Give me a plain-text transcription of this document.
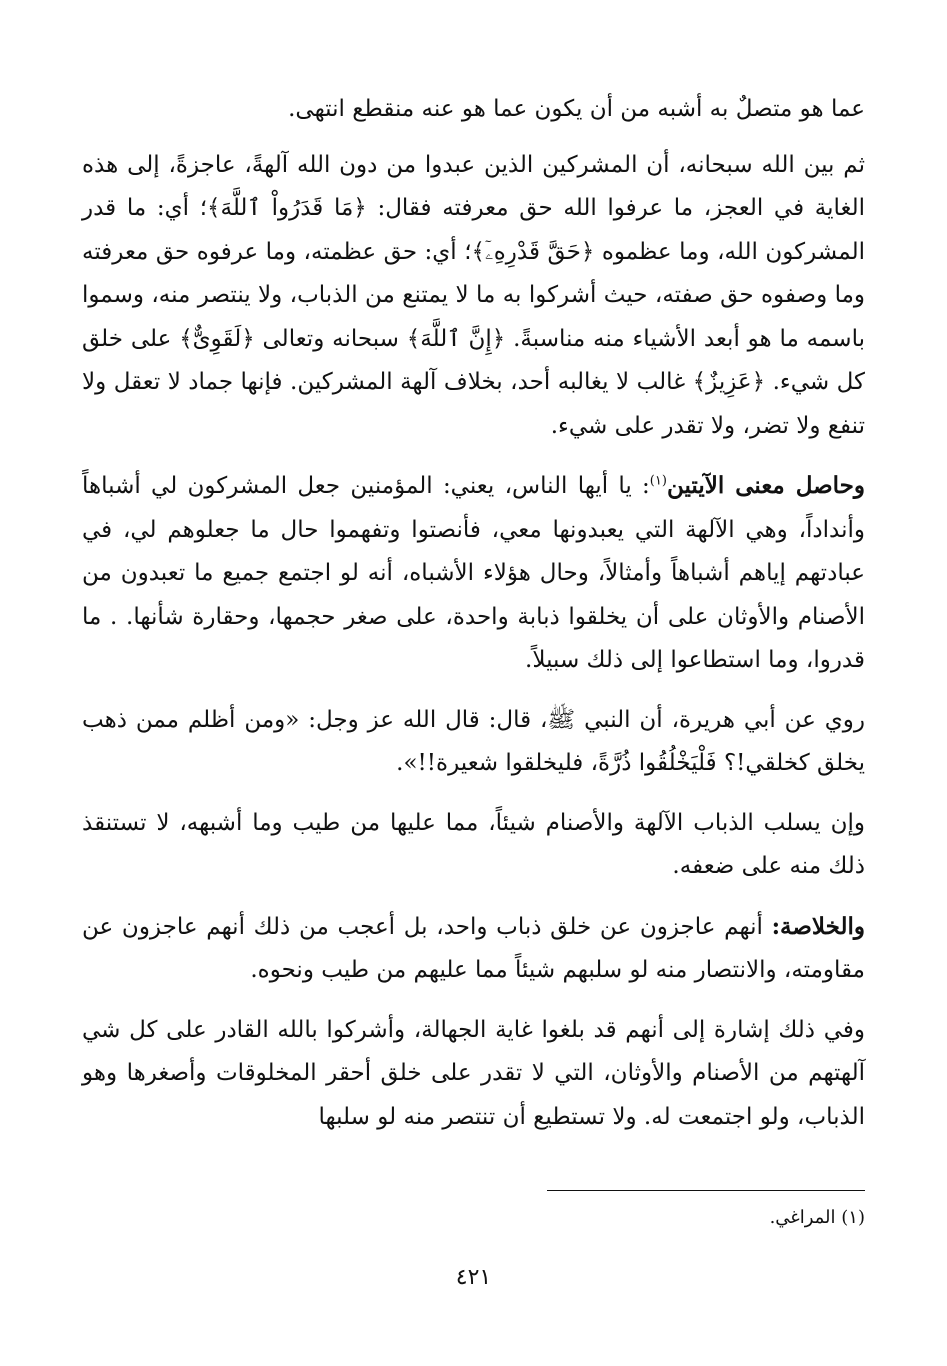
عما هو متصلٌ به أشبه من أن يكون عما هو عنه منقطع انتهى.

ثم بين الله سبحانه، أن المشركين الذين عبدوا من دون الله آلهةً، عاجزةً، إلى هذه الغاية في العجز، ما عرفوا الله حق معرفته فقال: ﴿مَا قَدَرُواْ ٱللَّهَ﴾؛ أي: ما قدر المشركون الله، وما عظموه ﴿حَقَّ قَدْرِهِۦٓ﴾؛ أي: حق عظمته، وما عرفوه حق معرفته وما وصفوه حق صفته، حيث أشركوا به ما لا يمتنع من الذباب، ولا ينتصر منه، وسموا باسمه ما هو أبعد الأشياء منه مناسبةً. ﴿إِنَّ ٱللَّهَ﴾ سبحانه وتعالى ﴿لَقَوِىٌّ﴾ على خلق كل شيء. ﴿عَزِيزٌ﴾ غالب لا يغالبه أحد، بخلاف آلهة المشركين. فإنها جماد لا تعقل ولا تنفع ولا تضر، ولا تقدر على شيء.

وحاصل معنى الآيتين$^{(١)}$: يا أيها الناس، يعني: المؤمنين جعل المشركون لي أشباهاً وأنداداً، وهي الآلهة التي يعبدونها معي، فأنصتوا وتفهموا حال ما جعلوهم لي، في عبادتهم إياهم أشباهاً وأمثالاً، وحال هؤلاء الأشباه، أنه لو اجتمع جميع ما تعبدون من الأصنام والأوثان على أن يخلقوا ذبابة واحدة، على صغر حجمها، وحقارة شأنها. . ما قدروا، وما استطاعوا إلى ذلك سبيلاً.

روي عن أبي هريرة، أن النبي ﷺ، قال: قال الله عز وجل: «ومن أظلم ممن ذهب يخلق كخلقي!؟ فَلْيَخْلُقُوا ذُرَّةً، فليخلقوا شعيرة!!».

وإن يسلب الذباب الآلهة والأصنام شيئاً، مما عليها من طيب وما أشبهه، لا تستنقذ ذلك منه على ضعفه.

والخلاصة: أنهم عاجزون عن خلق ذباب واحد، بل أعجب من ذلك أنهم عاجزون عن مقاومته، والانتصار منه لو سلبهم شيئاً مما عليهم من طيب ونحوه.

وفي ذلك إشارة إلى أنهم قد بلغوا غاية الجهالة، وأشركوا بالله القادر على كل شي آلهتهم من الأصنام والأوثان، التي لا تقدر على خلق أحقر المخلوقات وأصغرها وهو الذباب، ولو اجتمعت له. ولا تستطيع أن تنتصر منه لو سلبها

(١) المراغي.
٤٢١
